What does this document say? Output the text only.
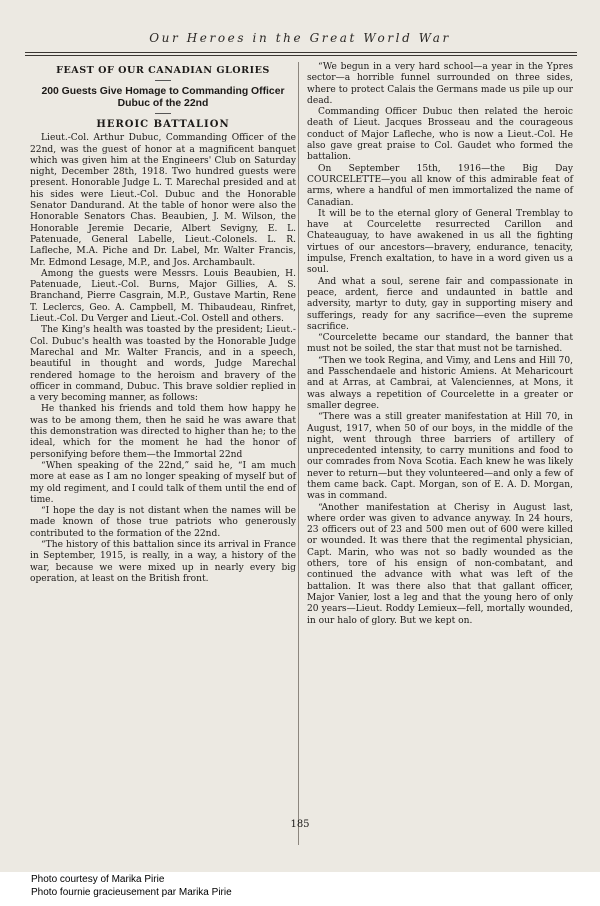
Our Heroes in the Great World War
FEAST OF OUR CANADIAN GLORIES
200 Guests Give Homage to Commanding Officer Dubuc of the 22nd
HEROIC BATTALION

Lieut.-Col. Arthur Dubuc, Commanding Officer of the 22nd, was the guest of honor at a magnificent banquet which was given him at the Engineers' Club on Saturday night, December 28th, 1918. Two hundred guests were present. Honorable Judge L. T. Marechal presided and at his sides were Lieut.-Col. Dubuc and the Honorable Senator Dandurand. At the table of honor were also the Honorable Senators Chas. Beaubien, J. M. Wilson, the Honorable Jeremie Decarie, Albert Sevigny, E. L. Patenuade, General Labelle, Lieut.-Colonels. L. R. Lafleche, M.A. Piche and Dr. Label, Mr. Walter Francis, Mr. Edmond Lesage, M.P., and Jos. Archambault.

Among the guests were Messrs. Louis Beaubien, H. Patenuade, Lieut.-Col. Burns, Major Gillies, A. S. Branchand, Pierre Casgrain, M.P., Gustave Martin, Rene T. Leclercs, Geo. A. Campbell, M. Thibaudeau, Rinfret, Lieut.-Col. Du Verger and Lieut.-Col. Ostell and others.

The King's health was toasted by the president; Lieut.-Col. Dubuc's health was toasted by the Honorable Judge Marechal and Mr. Walter Francis, and in a speech, beautiful in thought and words, Judge Marechal rendered homage to the heroism and bravery of the officer in command, Dubuc. This brave soldier replied in a very becoming manner, as follows:

He thanked his friends and told them how happy he was to be among them, then he said he was aware that this demonstration was directed to higher than he; to the ideal, which for the moment he had the honor of personifying before them—the Immortal 22nd

“When speaking of the 22nd,” said he, “I am much more at ease as I am no longer speaking of myself but of my old regiment, and I could talk of them until the end of time.

“I hope the day is not distant when the names will be made known of those true patriots who generously contributed to the formation of the 22nd.

“The history of this battalion since its arrival in France in September, 1915, is really, in a way, a history of the war, because we were mixed up in nearly every big operation, at least on the British front.

“We begun in a very hard school—a year in the Ypres sector—a horrible funnel surrounded on three sides, where to protect Calais the Germans made us pile up our dead.

Commanding Officer Dubuc then related the heroic death of Lieut. Jacques Brosseau and the courageous conduct of Major Lafleche, who is now a Lieut.-Col. He also gave great praise to Col. Gaudet who formed the battalion.

On September 15th, 1916—the Big Day COURCELETTE—you all know of this admirable feat of arms, where a handful of men immortalized the name of Canadian.

It will be to the eternal glory of General Tremblay to have at Courcelette resurrected Carillon and Chateauguay, to have awakened in us all the fighting virtues of our ancestors—bravery, endurance, tenacity, impulse, French exaltation, to have in a word given us a soul.

And what a soul, serene fair and compassionate in peace, ardent, fierce and undaunted in battle and adversity, martyr to duty, gay in supporting misery and sufferings, ready for any sacrifice—even the supreme sacrifice.

“Courcelette became our standard, the banner that must not be soiled, the star that must not be tarnished.

“Then we took Regina, and Vimy, and Lens and Hill 70, and Passchendaele and historic Amiens. At Meharicourt and at Arras, at Cambrai, at Valenciennes, at Mons, it was always a repetition of Courcelette in a greater or smaller degree.

“There was a still greater manifestation at Hill 70, in August, 1917, when 50 of our boys, in the middle of the night, went through three barriers of artillery of unprecedented intensity, to carry munitions and food to our comrades from Nova Scotia. Each knew he was likely never to return—but they volunteered—and only a few of them came back. Capt. Morgan, son of E. A. D. Morgan, was in command.

“Another manifestation at Cherisy in August last, where order was given to advance anyway. In 24 hours, 23 officers out of 23 and 500 men out of 600 were killed or wounded. It was there that the regimental physician, Capt. Marin, who was not so badly wounded as the others, tore of his ensign of non-combatant, and continued the advance with what was left of the battalion. It was there also that that gallant officer, Major Vanier, lost a leg and that the young hero of only 20 years—Lieut. Roddy Lemieux—fell, mortally wounded, in our halo of glory. But we kept on.

185
Photo courtesy of Marika Pirie
Photo fournie gracieusement par Marika Pirie
